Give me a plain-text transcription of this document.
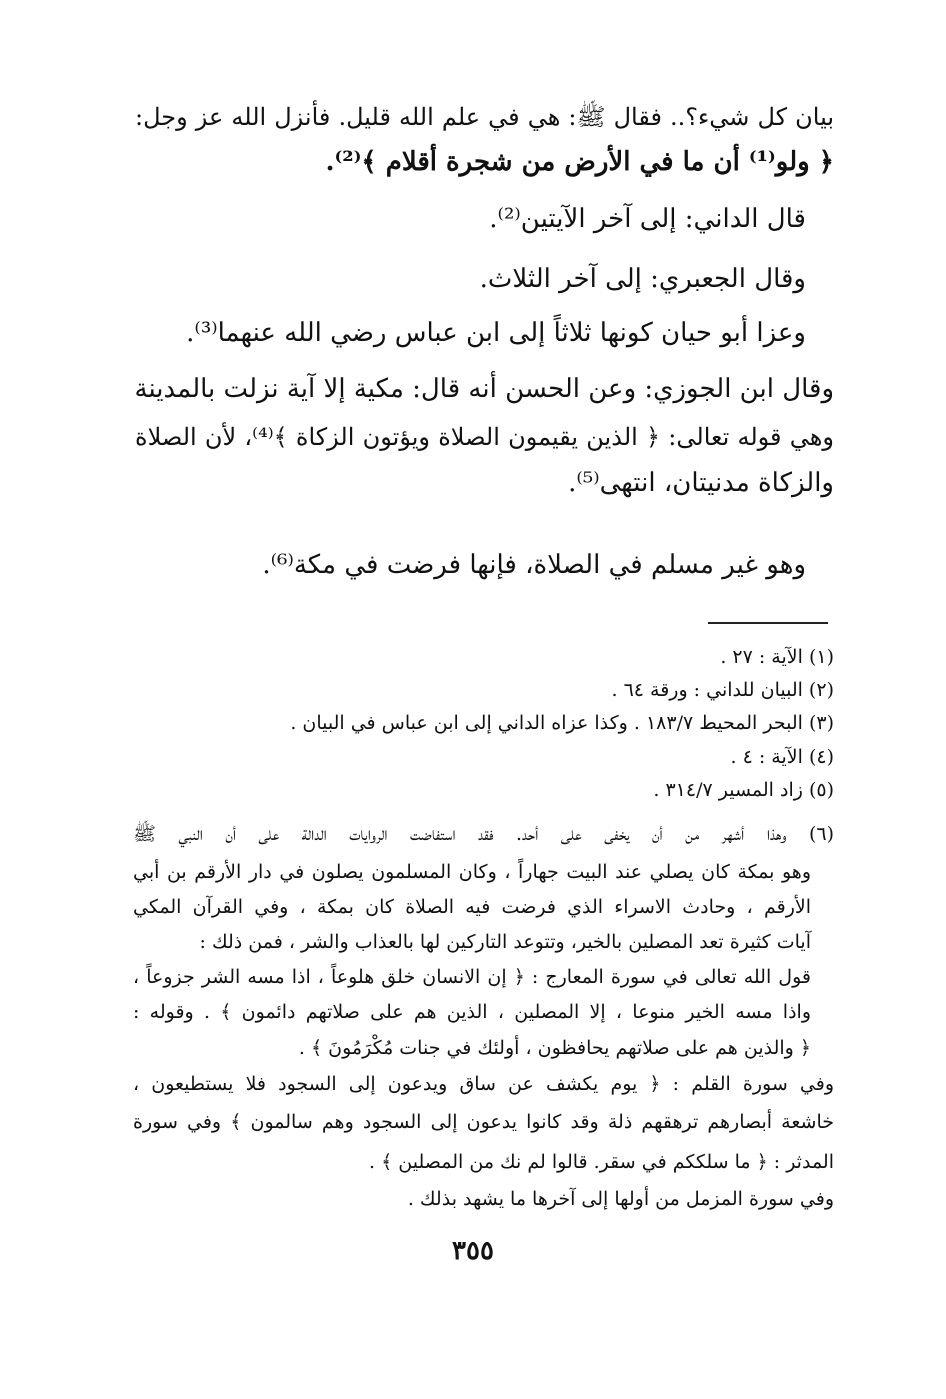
بيان كل شيء؟.. فقال ﷺ: هي في علم الله قليل. فأنزل الله عز وجل:
﴿ ولو⁽¹⁾ أن ما في الأرض من شجرة أقلام ﴾⁽²⁾.
قال الداني: إلى آخر الآيتين⁽²⁾.
وقال الجعبري: إلى آخر الثلاث.
وعزا أبو حيان كونها ثلاثاً إلى ابن عباس رضي الله عنهما⁽³⁾.
وقال ابن الجوزي: وعن الحسن أنه قال: مكية إلا آية نزلت بالمدينة
وهي قوله تعالى: ﴿ الذين يقيمون الصلاة ويؤتون الزكاة ﴾⁽⁴⁾، لأن الصلاة
والزكاة مدنيتان، انتهى⁽⁵⁾.
وهو غير مسلم في الصلاة، فإنها فرضت في مكة⁽⁶⁾.
(١) الآية : ٢٧ .
(٢) البيان للداني : ورقة ٦٤ .
(٣) البحر المحيط ١٨٣/٧ . وكذا عزاه الداني إلى ابن عباس في البيان .
(٤) الآية : ٤ .
(٥) زاد المسير ٣١٤/٧ .
(٦) وهذا أشهر من أن يخفى على أحد. فقد استفاضت الروايات الدالة على أن النبي ﷺ
وهو بمكة كان يصلي عند البيت جهاراً ، وكان المسلمون يصلون في دار الأرقم بن أبي
الأرقم ، وحادث الاسراء الذي فرضت فيه الصلاة كان بمكة ، وفي القرآن المكي
آيات كثيرة تعد المصلين بالخير، وتتوعد التاركين لها بالعذاب والشر ، فمن ذلك :
قول الله تعالى في سورة المعارج : ﴿ إن الانسان خلق هلوعاً ، اذا مسه الشر جزوعاً ،
واذا مسه الخير منوعا ، إلا المصلين ، الذين هم على صلاتهم دائمون ﴾ . وقوله :
﴿ والذين هم على صلاتهم يحافظون ، أولئك في جنات مُكْرَمُونَ ﴾ .
وفي سورة القلم : ﴿ يوم يكشف عن ساق ويدعون إلى السجود فلا يستطيعون ،
خاشعة أبصارهم ترهقهم ذلة وقد كانوا يدعون إلى السجود وهم سالمون ﴾ وفي سورة
المدثر : ﴿ ما سلككم في سقر. قالوا لم نك من المصلين ﴾ .
وفي سورة المزمل من أولها إلى آخرها ما يشهد بذلك .
٣٥٥
